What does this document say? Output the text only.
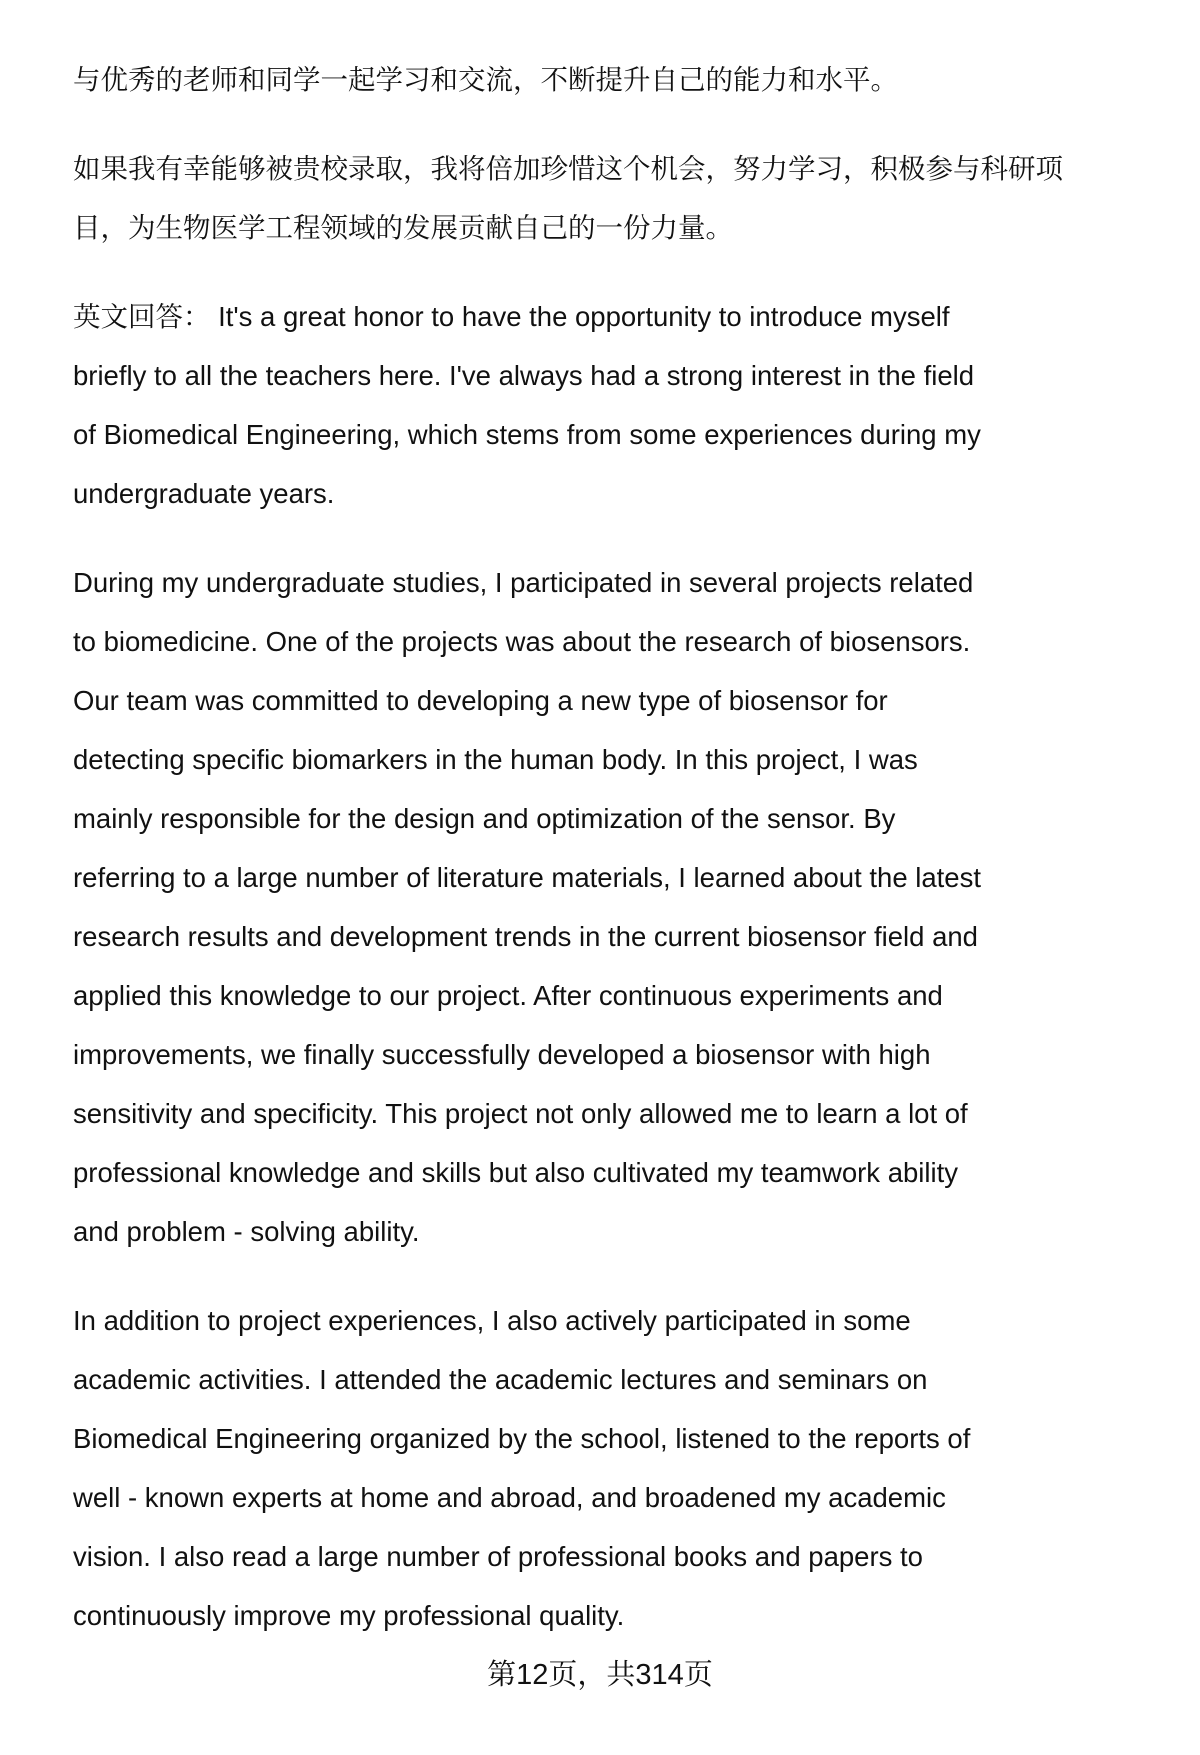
与优秀的老师和同学一起学习和交流，不断提升自己的能力和水平。
如果我有幸能够被贵校录取，我将倍加珍惜这个机会，努力学习，积极参与科研项
目，为生物医学工程领域的发展贡献自己的一份力量。
英文回答： It's a great honor to have the opportunity to introduce myself
briefly to all the teachers here. I've always had a strong interest in the field
of Biomedical Engineering, which stems from some experiences during my
undergraduate years.
During my undergraduate studies, I participated in several projects related
to biomedicine. One of the projects was about the research of biosensors.
Our team was committed to developing a new type of biosensor for
detecting specific biomarkers in the human body. In this project, I was
mainly responsible for the design and optimization of the sensor. By
referring to a large number of literature materials, I learned about the latest
research results and development trends in the current biosensor field and
applied this knowledge to our project. After continuous experiments and
improvements, we finally successfully developed a biosensor with high
sensitivity and specificity. This project not only allowed me to learn a lot of
professional knowledge and skills but also cultivated my teamwork ability
and problem - solving ability.
In addition to project experiences, I also actively participated in some
academic activities. I attended the academic lectures and seminars on
Biomedical Engineering organized by the school, listened to the reports of
well - known experts at home and abroad, and broadened my academic
vision. I also read a large number of professional books and papers to
continuously improve my professional quality.
第12页，共314页
